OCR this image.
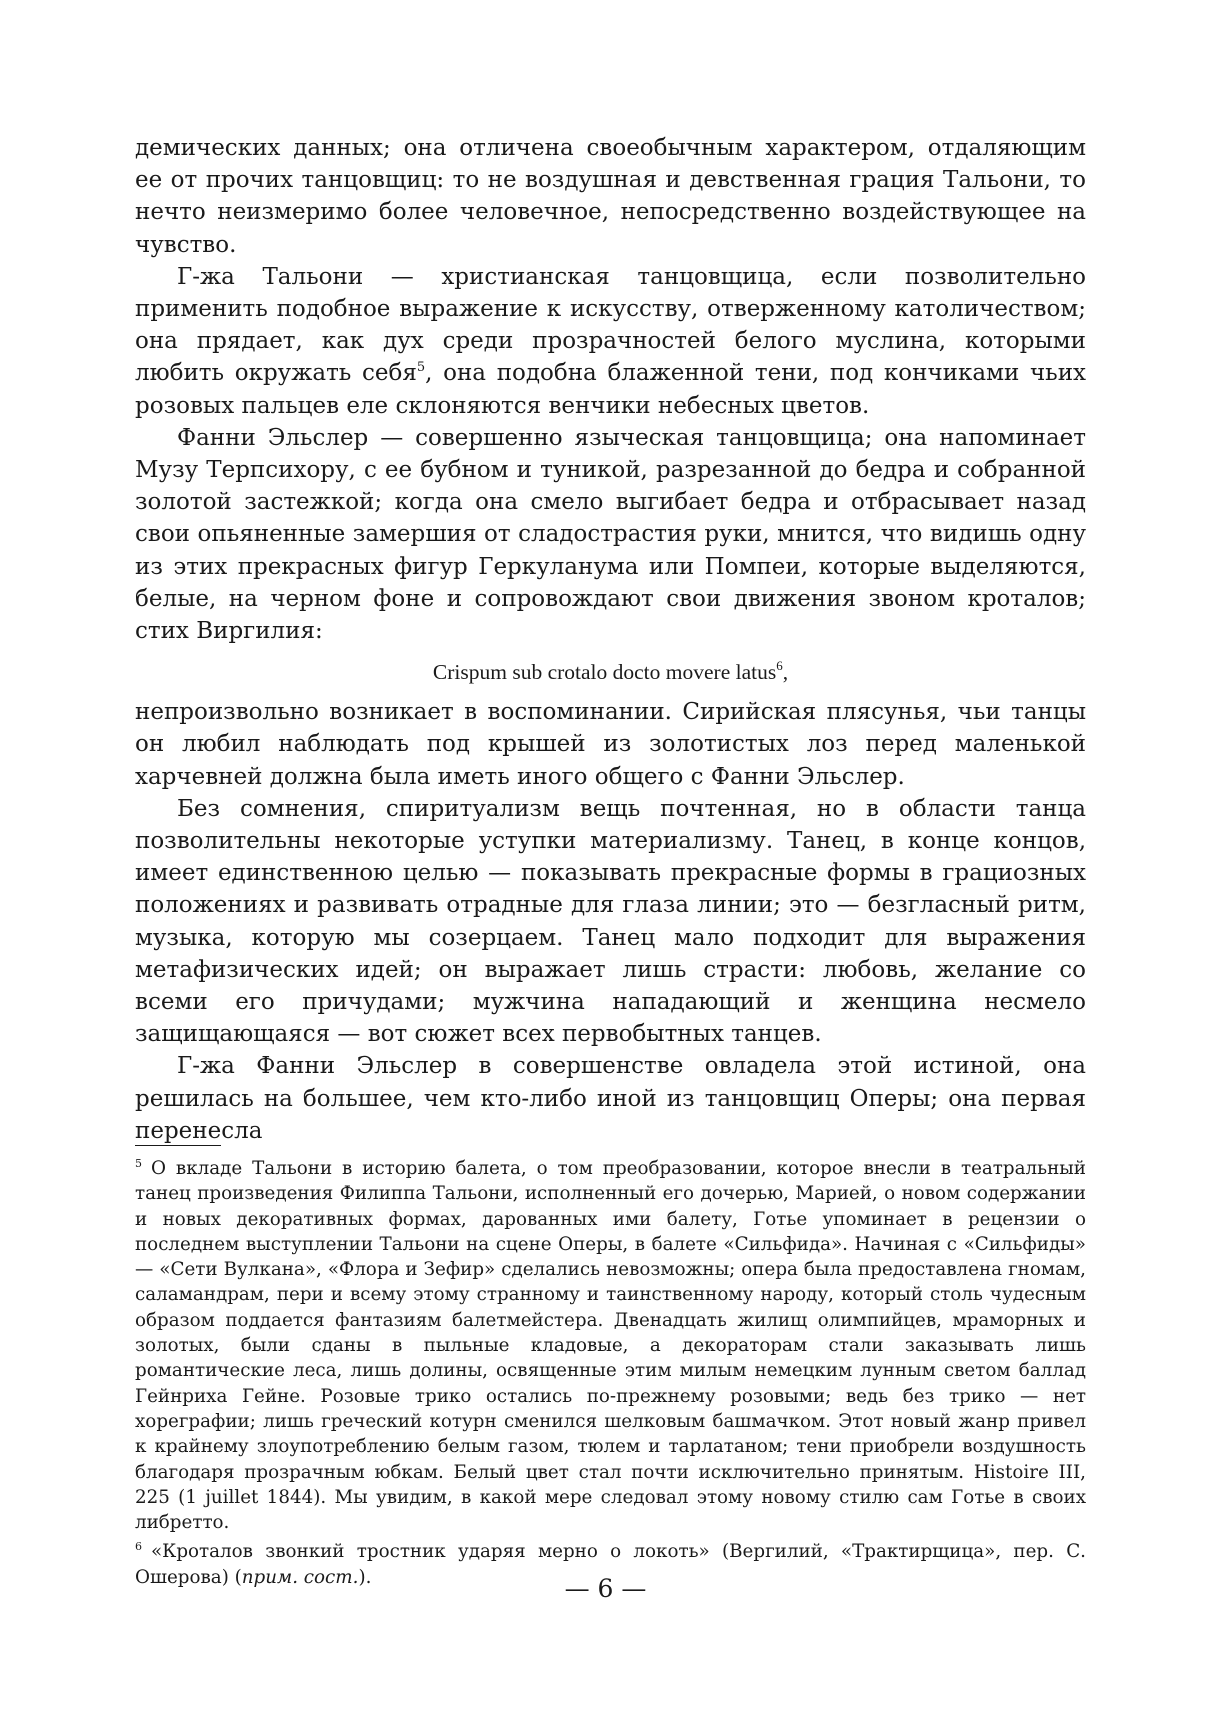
демических данных; она отличена своеобычным характером, отдаляющим ее от прочих танцовщиц: то не воздушная и девственная грация Тальони, то нечто неизмеримо более человечное, непосредственно воздействующее на чувство.

Г-жа Тальони — христианская танцовщица, если позволительно применить подобное выражение к искусству, отверженному католичеством; она прядает, как дух среди прозрачностей белого муслина, которыми любить окружать себя$^5$, она подобна блаженной тени, под кончиками чьих розовых пальцев еле склоняются венчики небесных цветов.

Фанни Эльслер — совершенно языческая танцовщица; она напоминает Музу Терпсихору, с ее бубном и туникой, разрезанной до бедра и собранной золотой застежкой; когда она смело выгибает бедра и отбрасывает назад свои опьяненные замершия от сладострастия руки, мнится, что видишь одну из этих прекрасных фигур Геркуланума или Помпеи, которые выделяются, белые, на черном фоне и сопровождают свои движения звоном кроталов; стих Виргилия:

Crispum sub crotalo docto movere latus$^6$,

непроизвольно возникает в воспоминании. Сирийская плясунья, чьи танцы он любил наблюдать под крышей из золотистых лоз перед маленькой харчевней должна была иметь иного общего с Фанни Эльслер.

Без сомнения, спиритуализм вещь почтенная, но в области танца позволительны некоторые уступки материализму. Танец, в конце концов, имеет единственною целью — показывать прекрасные формы в грациозных положениях и развивать отрадные для глаза линии; это — безгласный ритм, музыка, которую мы созерцаем. Танец мало подходит для выражения метафизических идей; он выражает лишь страсти: любовь, желание со всеми его причудами; мужчина нападающий и женщина несмело защищающаяся — вот сюжет всех первобытных танцев.

Г-жа Фанни Эльслер в совершенстве овладела этой истиной, она решилась на большее, чем кто-либо иной из танцовщиц Оперы; она первая перенесла

5 О вкладе Тальони в историю балета, о том преобразовании, которое внесли в театральный танец произведения Филиппа Тальони, исполненный его дочерью, Марией, о новом содержании и новых декоративных формах, дарованных ими балету, Готье упоминает в рецензии о последнем выступлении Тальони на сцене Оперы, в балете «Сильфида». Начиная с «Сильфиды» — «Сети Вулкана», «Флора и Зефир» сделались невозможны; опера была предоставлена гномам, саламандрам, пери и всему этому странному и таинственному народу, который столь чудесным образом поддается фантазиям балетмейстера. Двенадцать жилищ олимпийцев, мраморных и золотых, были сданы в пыльные кладовые, а декораторам стали заказывать лишь романтические леса, лишь долины, освященные этим милым немецким лунным светом баллад Гейнриха Гейне. Розовые трико остались по-прежнему розовыми; ведь без трико — нет хореграфии; лишь греческий котурн сменился шелковым башмачком. Этот новый жанр привел к крайнему злоупотреблению белым газом, тюлем и тарлатаном; тени приобрели воздушность благодаря прозрачным юбкам. Белый цвет стал почти исключительно принятым. Histoire III, 225 (1 juillet 1844). Мы увидим, в какой мере следовал этому новому стилю сам Готье в своих либретто.

6 «Кроталов звонкий тростник ударяя мерно о локоть» (Вергилий, «Трактирщица», пер. С. Ошерова) (прим. сост.).	— 6 —
